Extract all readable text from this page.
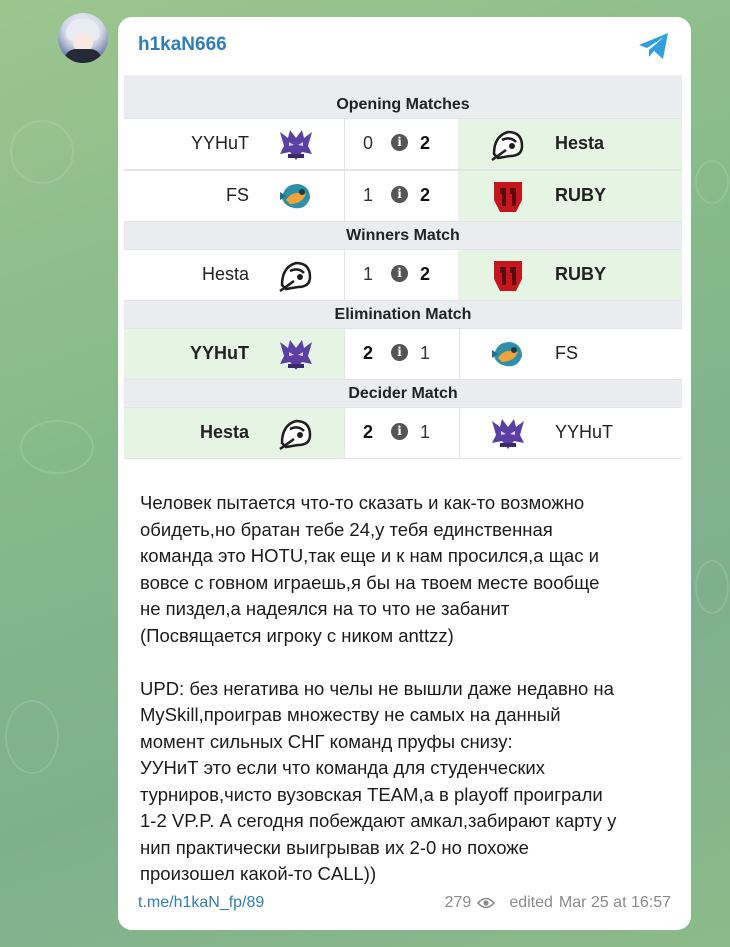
h1kaN666
Opening Matches
YYHuT	0	i	2	Hesta
FS	1	i	2	RUBY
Winners Match
Hesta	1	i	2	RUBY
Elimination Match
YYHuT	2	i	1	FS
Decider Match
Hesta	2	i	1	YYHuT
Человек пытается что-то сказать и как-то возможно
обидеть,но братан тебе 24,у тебя единственная
команда это HOTU,так еще и к нам просился,а щас и
вовсе с говном играешь,я бы на твоем месте вообще
не пиздел,а надеялся на то что не забанит
(Посвящается игроку с ником anttzz)

UPD: без негатива но челы не вышли даже недавно на
MySkill,проиграв множеству не самых на данный
момент сильных СНГ команд пруфы снизу:
УУНиТ это если что команда для студенческих
турниров,чисто вузовская TEAM,а в playoff проиграли
1-2 VP.P. А сегодня побеждают амкал,забирают карту у
нип практически выигрывав их 2-0 но похоже
произошел какой-то CALL))
t.me/h1kaN_fp/89	279 edited Mar 25 at 16:57
